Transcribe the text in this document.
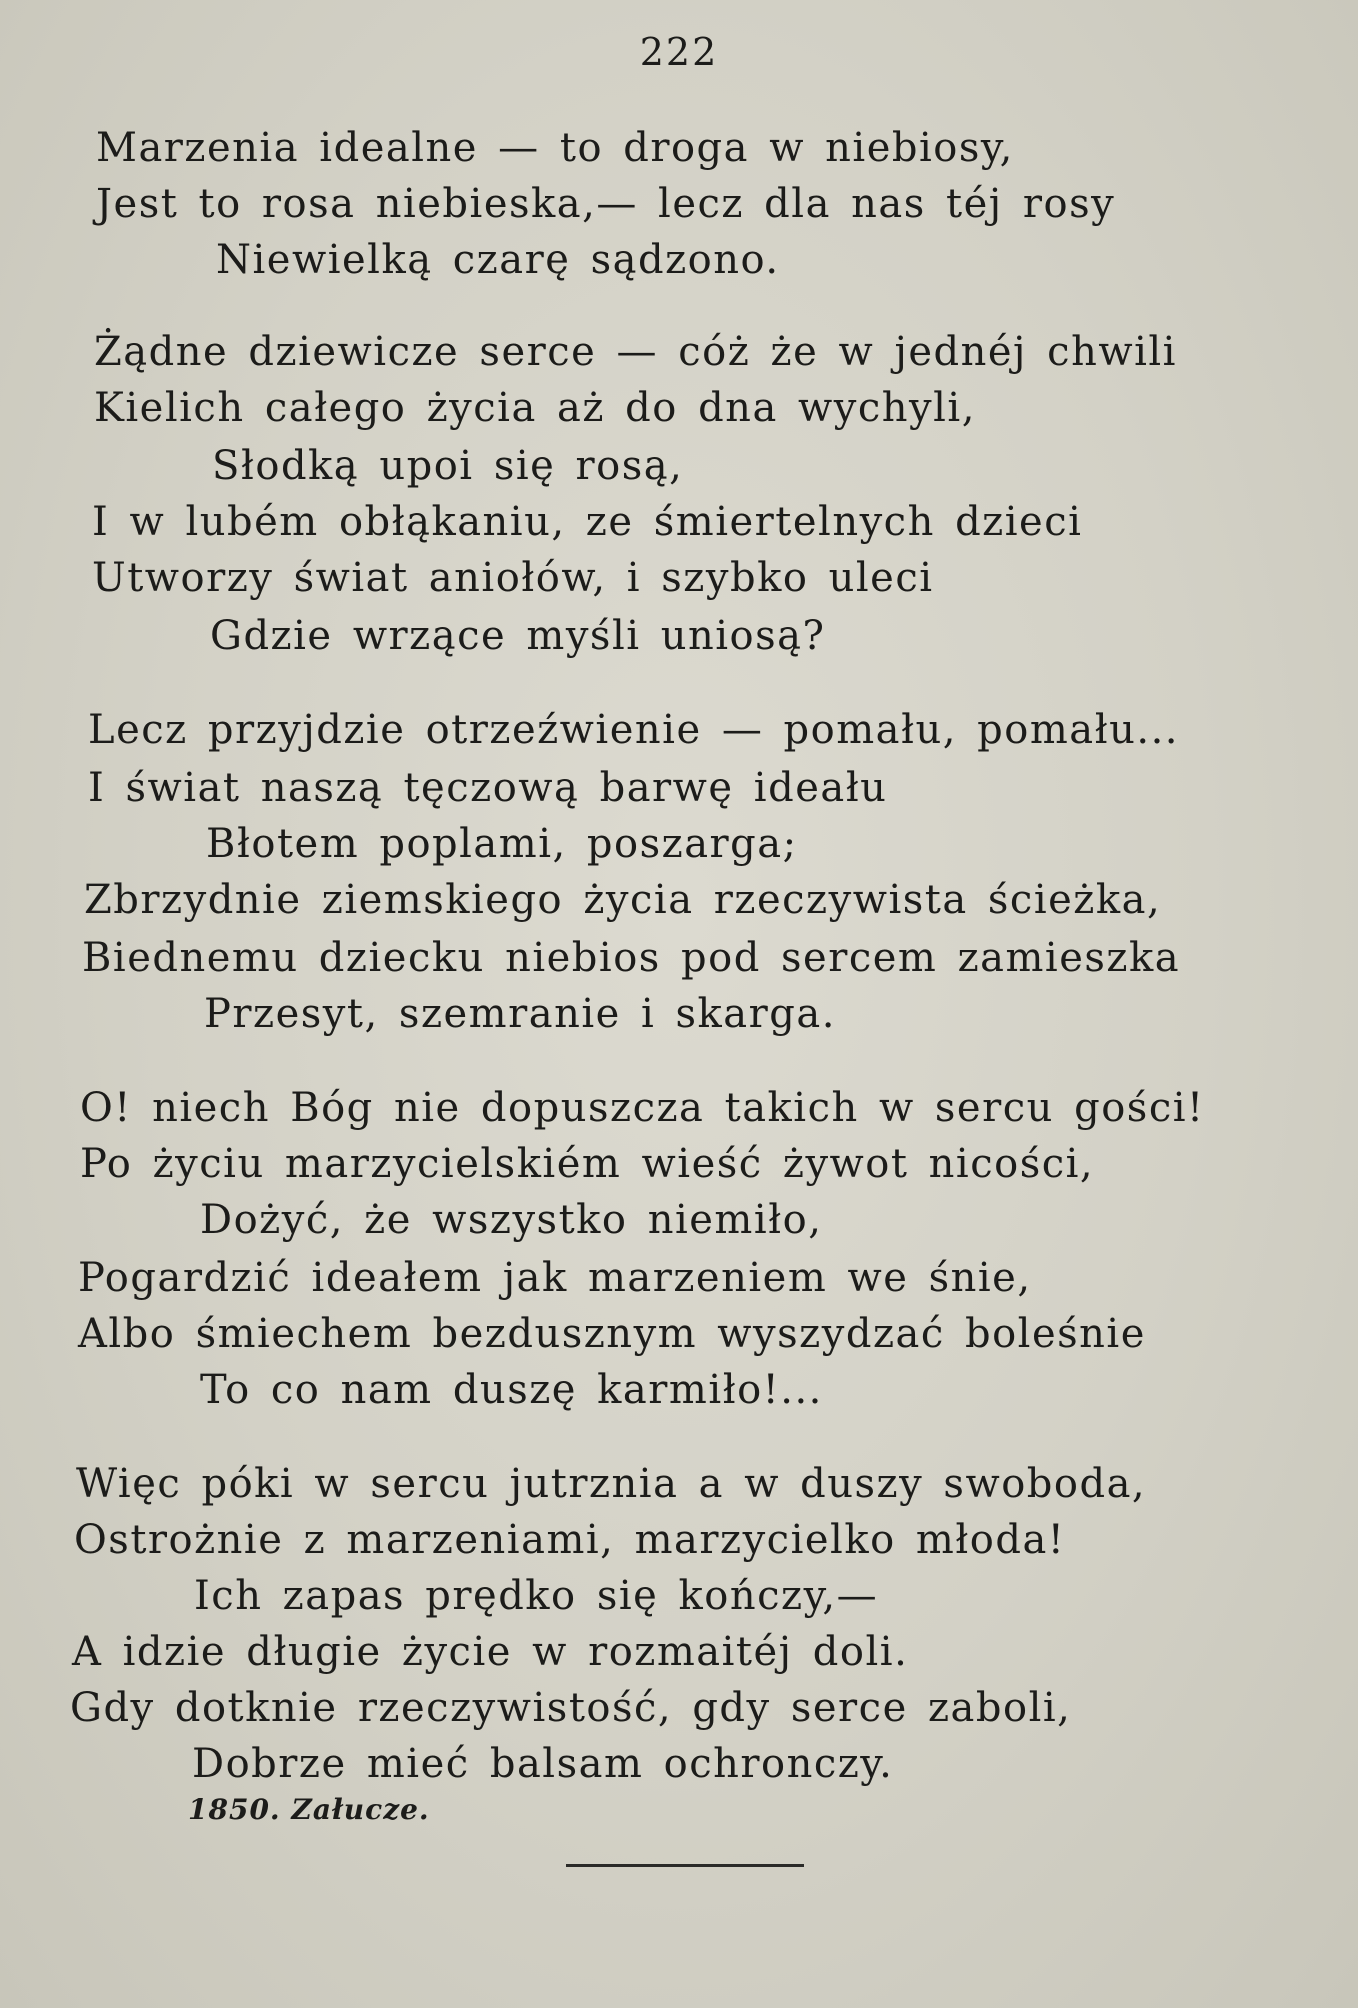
222
Marzenia idealne — to droga w niebiosy,
Jest to rosa niebieska,— lecz dla nas téj rosy
Niewielką czarę sądzono.
Żądne dziewicze serce — cóż że w jednéj chwili
Kielich całego życia aż do dna wychyli,
Słodką upoi się rosą,
I w lubém obłąkaniu, ze śmiertelnych dzieci
Utworzy świat aniołów, i szybko uleci
Gdzie wrzące myśli uniosą?
Lecz przyjdzie otrzeźwienie — pomału, pomału...
I świat naszą tęczową barwę ideału
Błotem poplami, poszarga;
Zbrzydnie ziemskiego życia rzeczywista ścieżka,
Biednemu dziecku niebios pod sercem zamieszka
Przesyt, szemranie i skarga.
O! niech Bóg nie dopuszcza takich w sercu gości!
Po życiu marzycielskiém wieść żywot nicości,
Dożyć, że wszystko niemiło,
Pogardzić ideałem jak marzeniem we śnie,
Albo śmiechem bezdusznym wyszydzać boleśnie
To co nam duszę karmiło!...
Więc póki w sercu jutrznia a w duszy swoboda,
Ostrożnie z marzeniami, marzycielko młoda!
Ich zapas prędko się kończy,—
A idzie długie życie w rozmaitéj doli.
Gdy dotknie rzeczywistość, gdy serce zaboli,
Dobrze mieć balsam ochronczy.
1850. Załucze.
